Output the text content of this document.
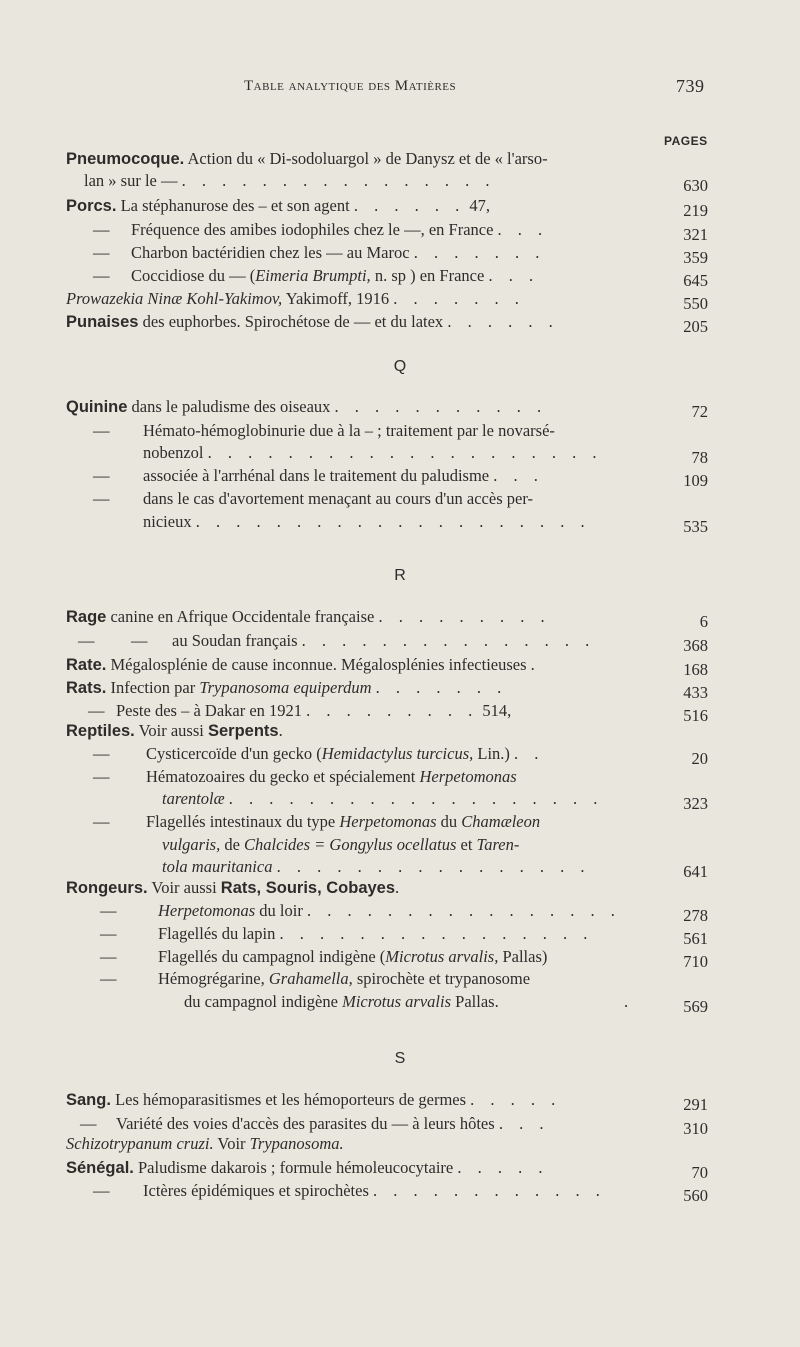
Table analytique des Matières	739
PAGES
Pneumocoque. Action du « Di-sodoluargol » de Danysz et de « l'arso-
lan » sur le — . . . . . . . . . . . . . . . .	630
Porcs. La stéphanurose des – et son agent . . . . . . 47,	219
— Fréquence des amibes iodophiles chez le —, en France . . .	321
— Charbon bactéridien chez les — au Maroc . . . . . . .	359
— Coccidiose du — (Eimeria Brumpti, n. sp ) en France . . .	645
Prowazekia Ninæ Kohl-Yakimov, Yakimoff, 1916 . . . . . . .	550
Punaises des euphorbes. Spirochétose de — et du latex . . . . . .	205
Q
Quinine dans le paludisme des oiseaux . . . . . . . . . . .	72
— Hémato-hémoglobinurie due à la – ; traitement par le novarsé-
nobenzol . . . . . . . . . . . . . . . . . . . .	78
— associée à l'arrhénal dans le traitement du paludisme . . .	109
— dans le cas d'avortement menaçant au cours d'un accès per-
nicieux . . . . . . . . . . . . . . . . . . . .	535
R
Rage canine en Afrique Occidentale française . . . . . . . . .	6
— — au Soudan français . . . . . . . . . . . . . . .	368
Rate. Mégalosplénie de cause inconnue. Mégalosplénies infectieuses .	168
Rats. Infection par Trypanosoma equiperdum . . . . . . .	433
— Peste des – à Dakar en 1921 . . . . . . . . . 514,	516
Reptiles. Voir aussi Serpents.
— Cysticercoïde d'un gecko (Hemidactylus turcicus, Lin.) . .	20
— Hématozoaires du gecko et spécialement Herpetomonas
tarentolæ . . . . . . . . . . . . . . . . . . .	323
— Flagellés intestinaux du type Herpetomonas du Chamæleon
vulgaris, de Chalcides = Gongylus ocellatus et Taren-
tola mauritanica . . . . . . . . . . . . . . . .	641
Rongeurs. Voir aussi Rats, Souris, Cobayes.
—	Herpetomonas du loir . . . . . . . . . . . . . . . .	278
—	Flagellés du lapin . . . . . . . . . . . . . . . .	561
—	Flagellés du campagnol indigène (Microtus arvalis, Pallas)	710
—	Hémogrégarine, Grahamella, spirochète et trypanosome
du campagnol indigène Microtus arvalis Pallas.	.	569
S
Sang. Les hémoparasitismes et les hémoporteurs de germes . . . . .	291
— Variété des voies d'accès des parasites du — à leurs hôtes . . .	310
Schizotrypanum cruzi. Voir Trypanosoma.
Sénégal. Paludisme dakarois ; formule hémoleucocytaire . . . . .	70
— Ictères épidémiques et spirochètes . . . . . . . . . . . .	560
